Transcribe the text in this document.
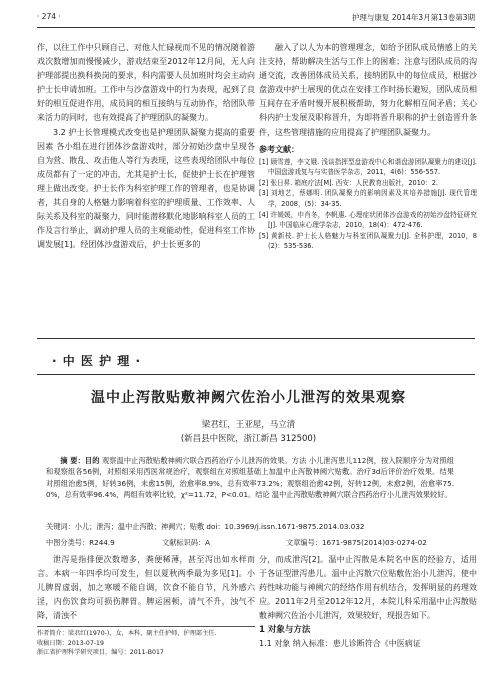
· 274 ·	护理与康复 2014年3月第13卷第3期

作，以往工作中只顾自己、对他人忙碌视而不见的情况随着游戏次数增加而慢慢减少，游戏结束至2012年12月间，无人向护理部提出换科换岗的要求，科内需要人员加班时均会主动向护士长申请加班。工作中与沙盘游戏中的行为表现，起到了良好的相互促进作用，成员间的相互接纳与互动协作，给团队带来活力的同时，也有效提高了护理团队的凝聚力。

3.2 护士长管理模式改变也是护理团队凝聚力提高的重要因素 各小组在进行团体沙盘游戏时，部分初始沙盘中呈现各自为营、散乱、攻击他人等行为表现，这些表现给团队中每位成员都有了一定的冲击，尤其是护士长，促使护士长在护理管理上做出改变。护士长作为科室护理工作的管理者，也是协调者，其自身的人格魅力影响着科室的护理质量、工作效率、人际关系及科室的凝聚力，同时能潜移默化地影响科室人员的工作及言行举止，调动护理人员的主观能动性，促进科室工作协调发展[1]。经团体沙盘游戏后，护士长更多的

融入了以人为本的管理理念，如给予团队成员情感上的关注支持，帮助解决生活与工作上的困难；注意与团队成员的沟通交流，改善团体成员关系，接纳团队中的每位成员，根据沙盘游戏中护士展现的优点在安排工作时扬长避短，团队成员相互间存在矛盾时慢开展积极帮助，努力化解相互间矛盾；关心科内护士发展及职称晋升，为即将晋升职称的护士创造晋升条件，这些管理措施的应用提高了护理团队凝聚力。

参考文献：
[1] 顾雪莲，李文娥. 浅谈指挥型盘游戏中心和谐盘游团队凝聚力的建设[J]. 中国盘游戏复与与实普医学杂志，2011，4(6)：556-557.
[2] 张日昇. 箱庭疗法[M]. 西安：人民教育出版社，2010：2.
[3] 刘地艺，蔡娜明. 团队凝聚力的影响因素及其培养措施[J]. 现代管理学，2008，(5)：34-35.
[4] 许媛媛，申肖冬，李帆惠. 心理症状团体沙盘游戏的初始沙盘特征研究[J]. 中国临床心理学杂志，2010，18(4)：472-476.
[5] 黄新枝. 护士长人格魅力与科室团队凝聚力[J]. 全科护理，2010，8(2)：535-536.
· 中 医 护 理 ·
温中止泻散贴敷神阙穴佐治小儿泄泻的效果观察
梁君红，王亚屋，马立清
(新昌县中医院，浙江新昌 312500)
摘 要：目的 观察温中止泻散贴敷神阙穴联合西药治疗小儿泄泻的效果。方法 小儿泄泻患儿112例，按入院顺序分为对照组和观察组各56例，对照组采用西医常规治疗，观察组在对照组基础上加温中止泻散神阙穴贴敷。治疗3d后评价治疗效果。结果 对照组治愈5例，好转36例，未愈15例，治愈率8.9%，总有效率73.2%；观察组治愈42例，好转12例，未愈2例，治愈率75.0%，总有效率96.4%，两组有效率比较，χ²=11.72，P<0.01。结论 温中止泻散贴敷神阙穴联合西药治疗小儿泄泻效果较好。
关键词：小儿；泄泻；温中止泻散；神阙穴；贴敷 doi：10.3969/j.issn.1671-9875.2014.03.032
中图分类号：R244.9	文献标识码：A	文章编号：1671-9875(2014)03-0274-02

泄泻是指排便次数增多，粪便稀薄，甚至泻出如水样而言。本病一年四季均可发生，但以夏秋两季最为多见[1]。小儿脾胃虚弱，加之寒暖不能自调，饮食不能自节，凡外感六淫，内伤饮食均可损伤脾胃。脾运困顿，清气不升，浊气不降，清浊不

作者简介：梁君红(1970-)，女，本科，副主任护师，护理部主任.
收稿日期：2013-07-19
浙江省护理科学研究项目，编号：2011-B017

分，而成泄泻[2]。温中止泻散是本院名中医的经验方，适用于各证型泄泻患儿。温中止泻散穴位贴敷佐治小儿泄泻，使中药性味功能与神阙穴的经络作用有机结合，发挥明显的药理效应。2011年2月至2012年12月，本院儿科采用温中止泻散贴敷神阙穴佐治小儿泄泻，效果较好，现报告如下。

1 对象与方法

1.1 对象 纳入标准：患儿诊断符合《中医病证
